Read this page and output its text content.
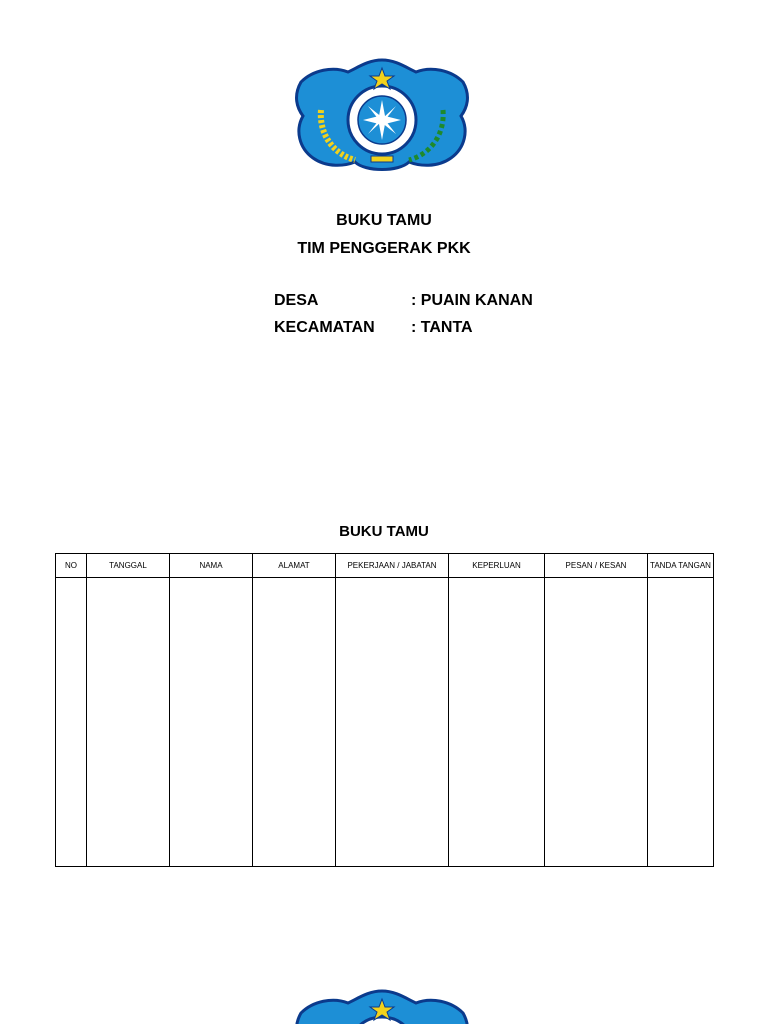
BUKU TAMU
TIM PENGGERAK PKK
DESA	: PUAIN KANAN
KECAMATAN : TANTA
BUKU TAMU
NO	TANGGAL	NAMA	ALAMAT	PEKERJAAN / JABATAN	KEPERLUAN	PESAN / KESAN	TANDA TANGAN
